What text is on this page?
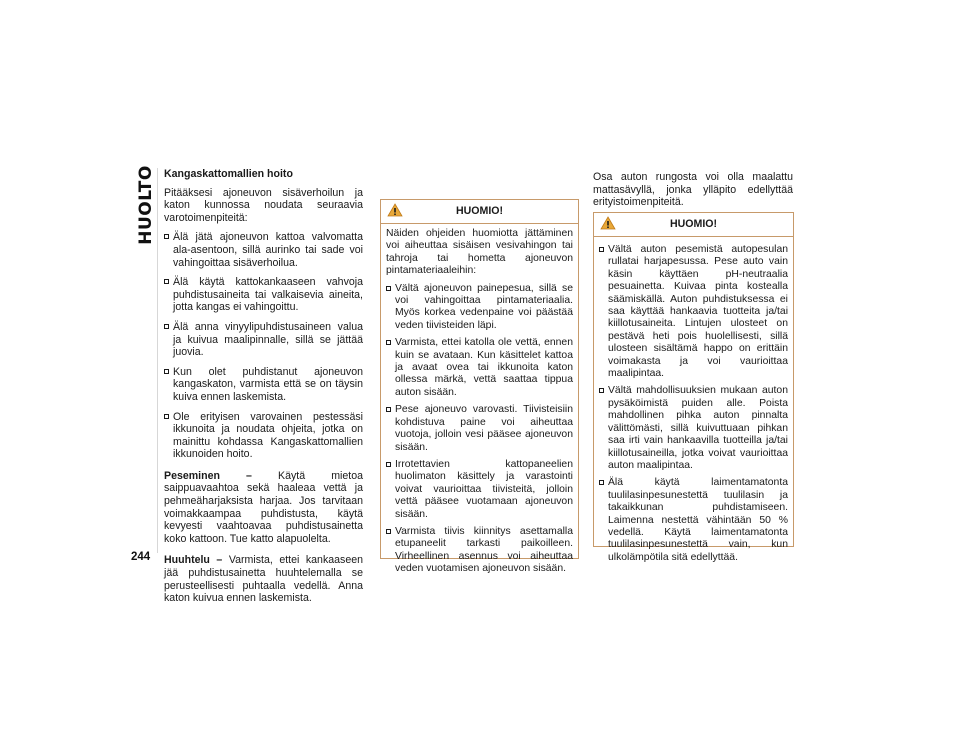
HUOLTO
244

Kangaskattomallien hoito

Pitääksesi ajoneuvon sisäverhoilun ja katon kunnossa noudata seuraavia varotoimenpiteitä:

Älä jätä ajoneuvon kattoa valvomatta ala-asentoon, sillä aurinko tai sade voi vahingoittaa sisäverhoilua.
Älä käytä kattokankaaseen vahvoja puhdistusaineita tai valkaisevia aineita, jotta kangas ei vahingoittu.
Älä anna vinyylipuhdistusaineen valua ja kuivua maalipinnalle, sillä se jättää juovia.
Kun olet puhdistanut ajoneuvon kangaskaton, varmista että se on täysin kuiva ennen laskemista.
Ole erityisen varovainen pestessäsi ikkunoita ja noudata ohjeita, jotka on mainittu kohdassa Kangaskattomallien ikkunoiden hoito.

Peseminen – Käytä mietoa saippuavaahtoa sekä haaleaa vettä ja pehmeäharjaksista harjaa. Jos tarvitaan voimakkaampaa puhdistusta, käytä kevyesti vaahtoavaa puhdistusainetta koko kattoon. Tue katto alapuolelta.

Huuhtelu – Varmista, ettei kankaaseen jää puhdistusainetta huuhtelemalla se perusteellisesti puhtaalla vedellä. Anna katon kuivua ennen laskemista.

HUOMIO!

Näiden ohjeiden huomiotta jättäminen voi aiheuttaa sisäisen vesivahingon tai tahroja tai hometta ajoneuvon pintamateriaaleihin:

Vältä ajoneuvon painepesua, sillä se voi vahingoittaa pintamateriaalia. Myös korkea vedenpaine voi päästää veden tiivisteiden läpi.
Varmista, ettei katolla ole vettä, ennen kuin se avataan. Kun käsittelet kattoa ja avaat ovea tai ikkunoita katon ollessa märkä, vettä saattaa tippua auton sisään.
Pese ajoneuvo varovasti. Tiivisteisiin kohdistuva paine voi aiheuttaa vuotoja, jolloin vesi pääsee ajoneuvon sisään.
Irrotettavien kattopaneelien huolimaton käsittely ja varastointi voivat vaurioittaa tiivisteitä, jolloin vettä pääsee vuotamaan ajoneuvon sisään.
Varmista tiivis kiinnitys asettamalla etupaneelit tarkasti paikoilleen. Virheellinen asennus voi aiheuttaa veden vuotamisen ajoneuvon sisään.

Osa auton rungosta voi olla maalattu mattasävyllä, jonka ylläpito edellyttää erityistoimenpiteitä.

HUOMIO!
Vältä auton pesemistä autopesulan rullatai harjapesussa. Pese auto vain käsin käyttäen pH-neutraalia pesuainetta. Kuivaa pinta kostealla säämiskällä. Auton puhdistuksessa ei saa käyttää hankaavia tuotteita ja/tai kiillotusaineita. Lintujen ulosteet on pestävä heti pois huolellisesti, sillä ulosteen sisältämä happo on erittäin voimakasta ja voi vaurioittaa maalipintaa.
Vältä mahdollisuuksien mukaan auton pysäköimistä puiden alle. Poista mahdollinen pihka auton pinnalta välittömästi, sillä kuivuttuaan pihkan saa irti vain hankaavilla tuotteilla ja/tai kiillotusaineilla, jotka voivat vaurioittaa auton maalipintaa.
Älä käytä laimentamatonta tuulilasinpesunestettä tuulilasin ja takaikkunan puhdistamiseen. Laimenna nestettä vähintään 50 % vedellä. Käytä laimentamatonta tuulilasinpesunestettä vain, kun ulkolämpötila sitä edellyttää.
